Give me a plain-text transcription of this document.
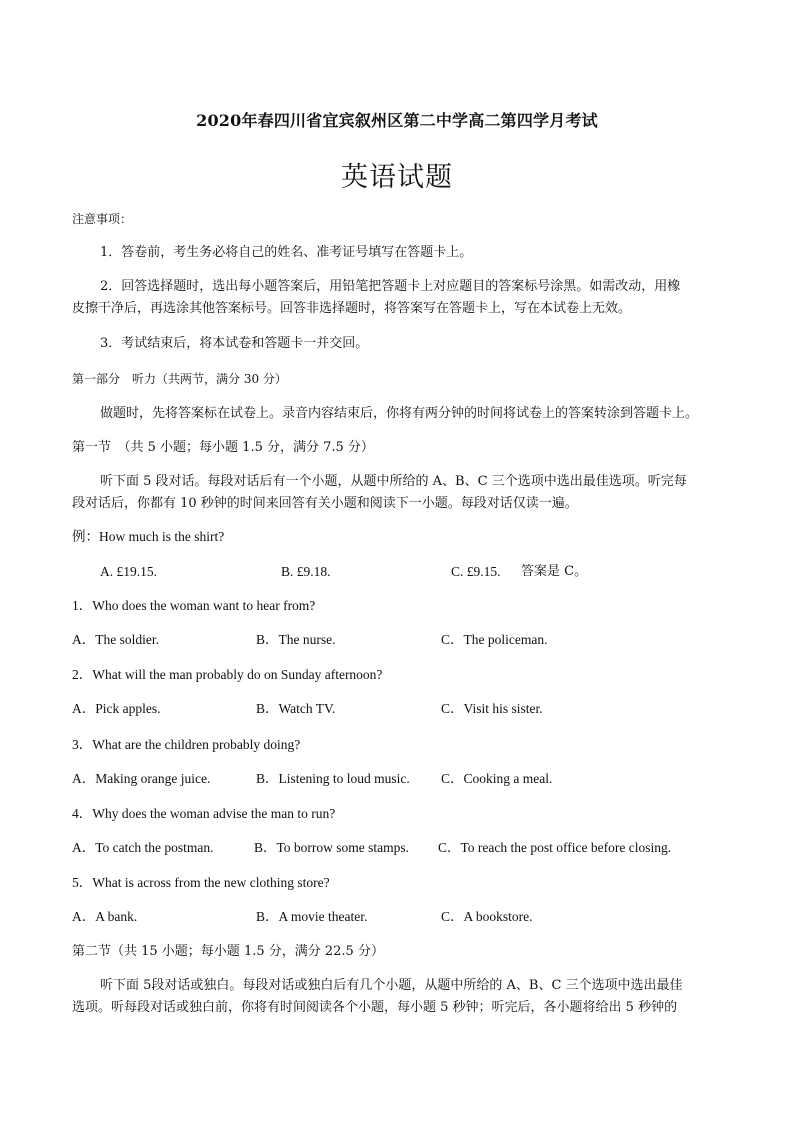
2020年春四川省宜宾叙州区第二中学高二第四学月考试
英语试题
注意事项：
1．答卷前，考生务必将自己的姓名、准考证号填写在答题卡上。
2．回答选择题时，选出每小题答案后，用铅笔把答题卡上对应题目的答案标号涂黑。如需改动，用橡
皮擦干净后，再选涂其他答案标号。回答非选择题时，将答案写在答题卡上，写在本试卷上无效。
3．考试结束后，将本试卷和答题卡一并交回。
第一部分　听力（共两节，满分 30 分）
做题时，先将答案标在试卷上。录音内容结束后，你将有两分钟的时间将试卷上的答案转涂到答题卡上。
第一节　（共 5 小题；每小题 1.5 分，满分 7.5 分）
听下面 5 段对话。每段对话后有一个小题，从题中所给的 A、B、C 三个选项中选出最佳选项。听完每
段对话后，你都有 10 秒钟的时间来回答有关小题和阅读下一小题。每段对话仅读一遍。
例：How much is the shirt?
A. £19.15.	B. £9.18.	C. £9.15. 答案是 C。
1．Who does the woman want to hear from?
A．The soldier.	B．The nurse.	C．The policeman.
2．What will the man probably do on Sunday afternoon?
A．Pick apples.	B．Watch TV.	C．Visit his sister.
3．What are the children probably doing?
A．Making orange juice.	B．Listening to loud music. C．Cooking a meal.
4．Why does the woman advise the man to run?
A．To catch the postman.	B．To borrow some stamps. C．To reach the post office before closing.
5．What is across from the new clothing store?
A．A bank.	B．A movie theater.	C．A bookstore.
第二节（共 15 小题；每小题 1.5 分，满分 22.5 分）
听下面 5段对话或独白。每段对话或独白后有几个小题，从题中所给的 A、B、C 三个选项中选出最佳
选项。听每段对话或独白前，你将有时间阅读各个小题，每小题 5 秒钟；听完后，各小题将给出 5 秒钟的
